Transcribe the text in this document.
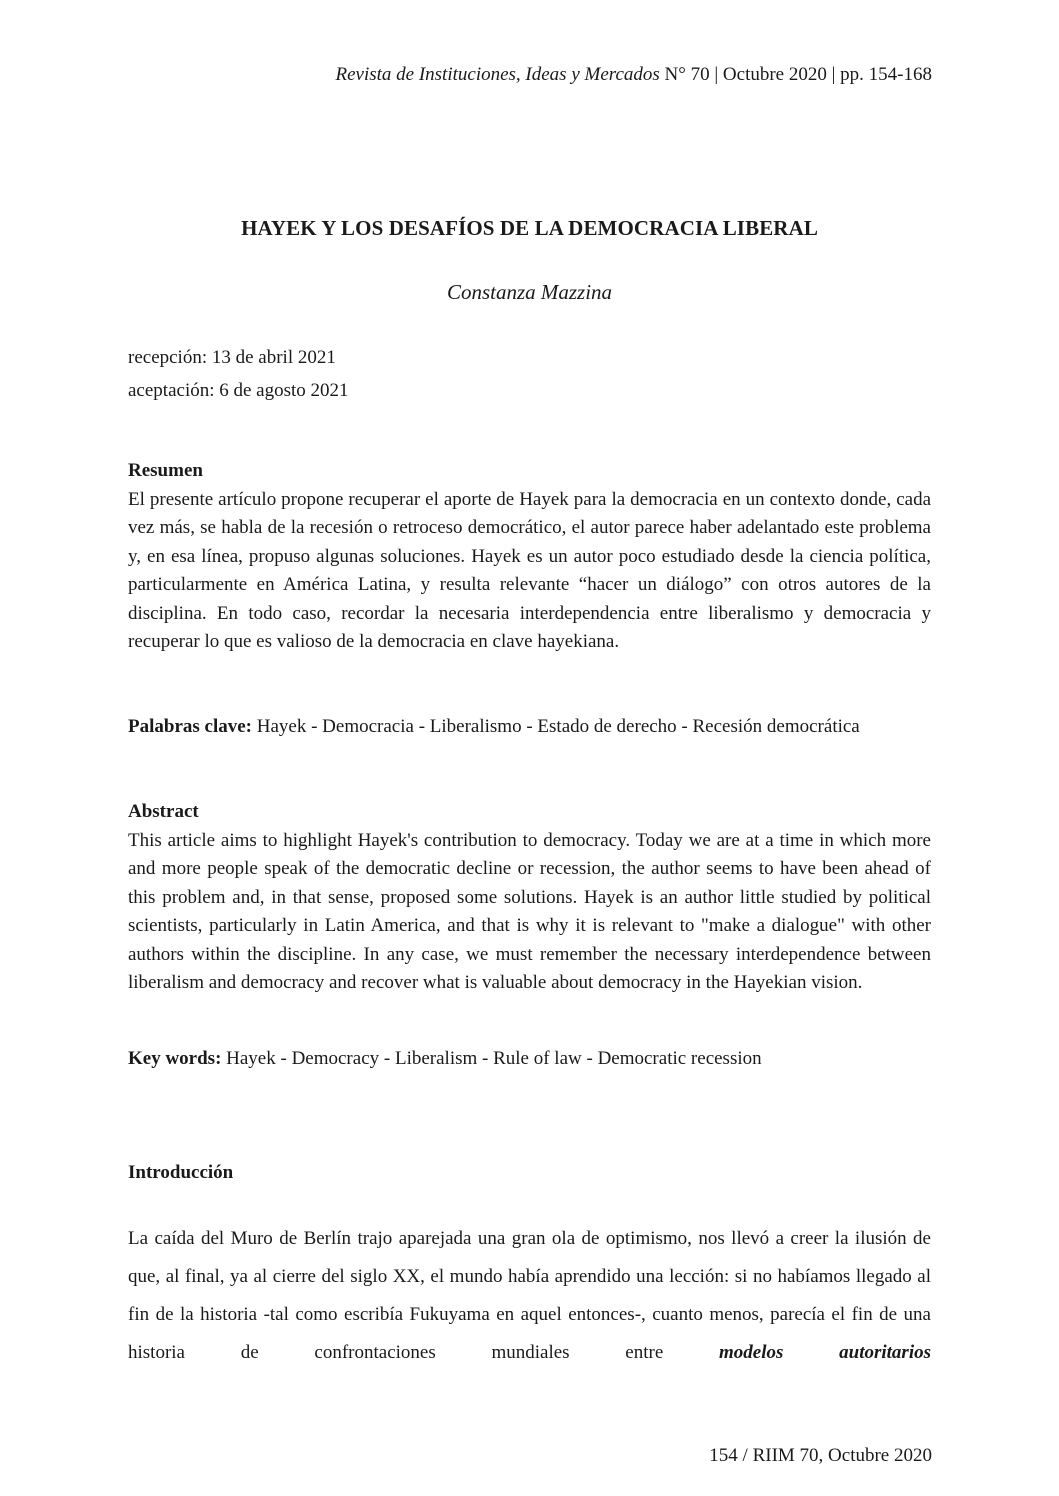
Revista de Instituciones, Ideas y Mercados N° 70 | Octubre 2020 | pp. 154-168
HAYEK Y LOS DESAFÍOS DE LA DEMOCRACIA LIBERAL
Constanza Mazzina
recepción: 13 de abril 2021
aceptación: 6 de agosto 2021
Resumen
El presente artículo propone recuperar el aporte de Hayek para la democracia en un contexto donde, cada vez más, se habla de la recesión o retroceso democrático, el autor parece haber adelantado este problema y, en esa línea, propuso algunas soluciones. Hayek es un autor poco estudiado desde la ciencia política, particularmente en América Latina, y resulta relevante “hacer un diálogo” con otros autores de la disciplina. En todo caso, recordar la necesaria interdependencia entre liberalismo y democracia y recuperar lo que es valioso de la democracia en clave hayekiana.
Palabras clave: Hayek - Democracia - Liberalismo - Estado de derecho - Recesión democrática
Abstract
This article aims to highlight Hayek's contribution to democracy. Today we are at a time in which more and more people speak of the democratic decline or recession, the author seems to have been ahead of this problem and, in that sense, proposed some solutions. Hayek is an author little studied by political scientists, particularly in Latin America, and that is why it is relevant to "make a dialogue" with other authors within the discipline. In any case, we must remember the necessary interdependence between liberalism and democracy and recover what is valuable about democracy in the Hayekian vision.
Key words: Hayek - Democracy - Liberalism - Rule of law - Democratic recession
Introducción
La caída del Muro de Berlín trajo aparejada una gran ola de optimismo, nos llevó a creer la ilusión de que, al final, ya al cierre del siglo XX, el mundo había aprendido una lección: si no habíamos llegado al fin de la historia -tal como escribía Fukuyama en aquel entonces-, cuanto menos, parecía el fin de una historia de confrontaciones mundiales entre modelos autoritarios
154 / RIIM 70, Octubre 2020
